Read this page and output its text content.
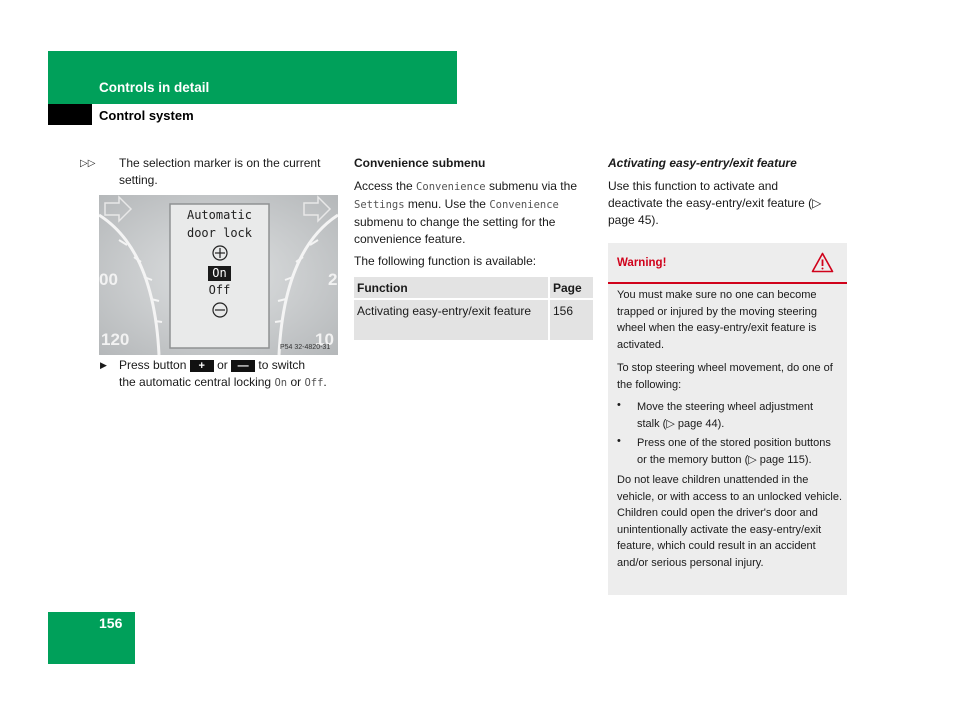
Controls in detail
Control system
▷▷ The selection marker is on the current setting.
Automatic
door lock
On
Off
00
120
2
10
P54 32-4820-31
▶ Press button + or — to switch
the automatic central locking On or Off.
Convenience submenu
Access the Convenience submenu via the Settings menu. Use the Convenience submenu to change the setting for the convenience feature.
The following function is available:
Function	Page
Activating easy-entry/exit feature	156
Activating easy-entry/exit feature
Use this function to activate and deactivate the easy-entry/exit feature (▷ page 45).
Warning!
You must make sure no one can become trapped or injured by the moving steering wheel when the easy-entry/exit feature is activated.
To stop steering wheel movement, do one of the following:
• Move the steering wheel adjustment stalk (▷ page 44).
• Press one of the stored position buttons or the memory button (▷ page 115).
Do not leave children unattended in the vehicle, or with access to an unlocked vehicle. Children could open the driver's door and unintentionally activate the easy-entry/exit feature, which could result in an accident and/or serious personal injury.
156
